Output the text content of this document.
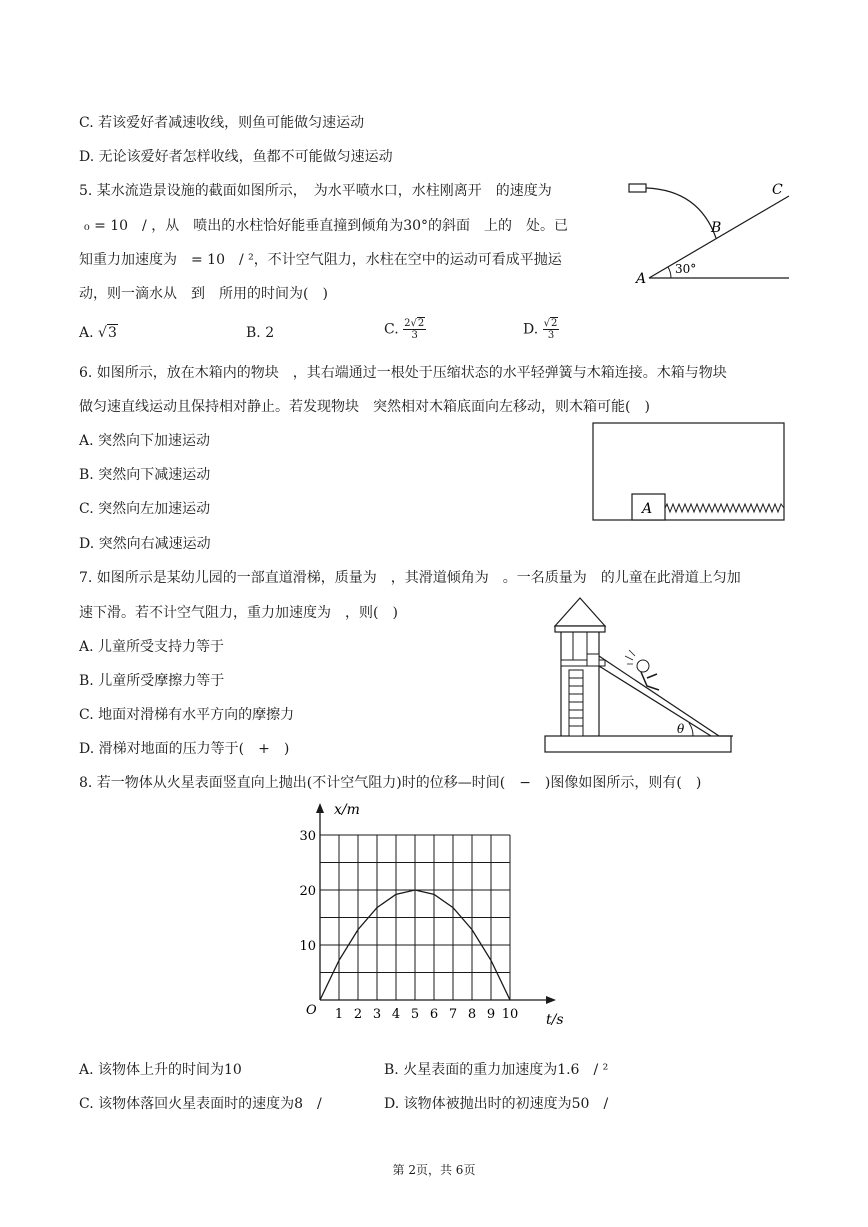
C. 若该爱好者减速收线，则鱼可能做匀速运动
D. 无论该爱好者怎样收线，鱼都不可能做匀速运动
5. 某水流造景设施的截面如图所示，　为水平喷水口，水柱刚离开　的速度为
₀ = 10　/ ，从　喷出的水柱恰好能垂直撞到倾角为30°的斜面　上的　处。已
知重力加速度为　= 10　/ ²，不计空气阻力，水柱在空中的运动可看成平抛运
动，则一滴水从　到　所用的时间为(　)
A. √3	B. 2	C. $\frac{2√2}{3}$	D. $\frac{√2}{3}$
A
B
C
30°
6. 如图所示，放在木箱内的物块　，其右端通过一根处于压缩状态的水平轻弹簧与木箱连接。木箱与物块
做匀速直线运动且保持相对静止。若发现物块　突然相对木箱底面向左移动，则木箱可能(　)
A. 突然向下加速运动
B. 突然向下减速运动
C. 突然向左加速运动
D. 突然向右减速运动
A
7. 如图所示是某幼儿园的一部直道滑梯，质量为　，其滑道倾角为　。一名质量为　的儿童在此滑道上匀加
速下滑。若不计空气阻力，重力加速度为　，则(　)
A. 儿童所受支持力等于
B. 儿童所受摩擦力等于
C. 地面对滑梯有水平方向的摩擦力
D. 滑梯对地面的压力等于(　+　)
θ
8. 若一物体从火星表面竖直向上抛出(不计空气阻力)时的位移—时间(　−　)图像如图所示，则有(　)
1 2 3 4 5 6 7 8 9 10
10
20
30
x/m
t/s
O
A. 该物体上升的时间为10	B. 火星表面的重力加速度为1.6　/ ²
C. 该物体落回火星表面时的速度为8　/	D. 该物体被抛出时的初速度为50　/
第 2页，共 6页
